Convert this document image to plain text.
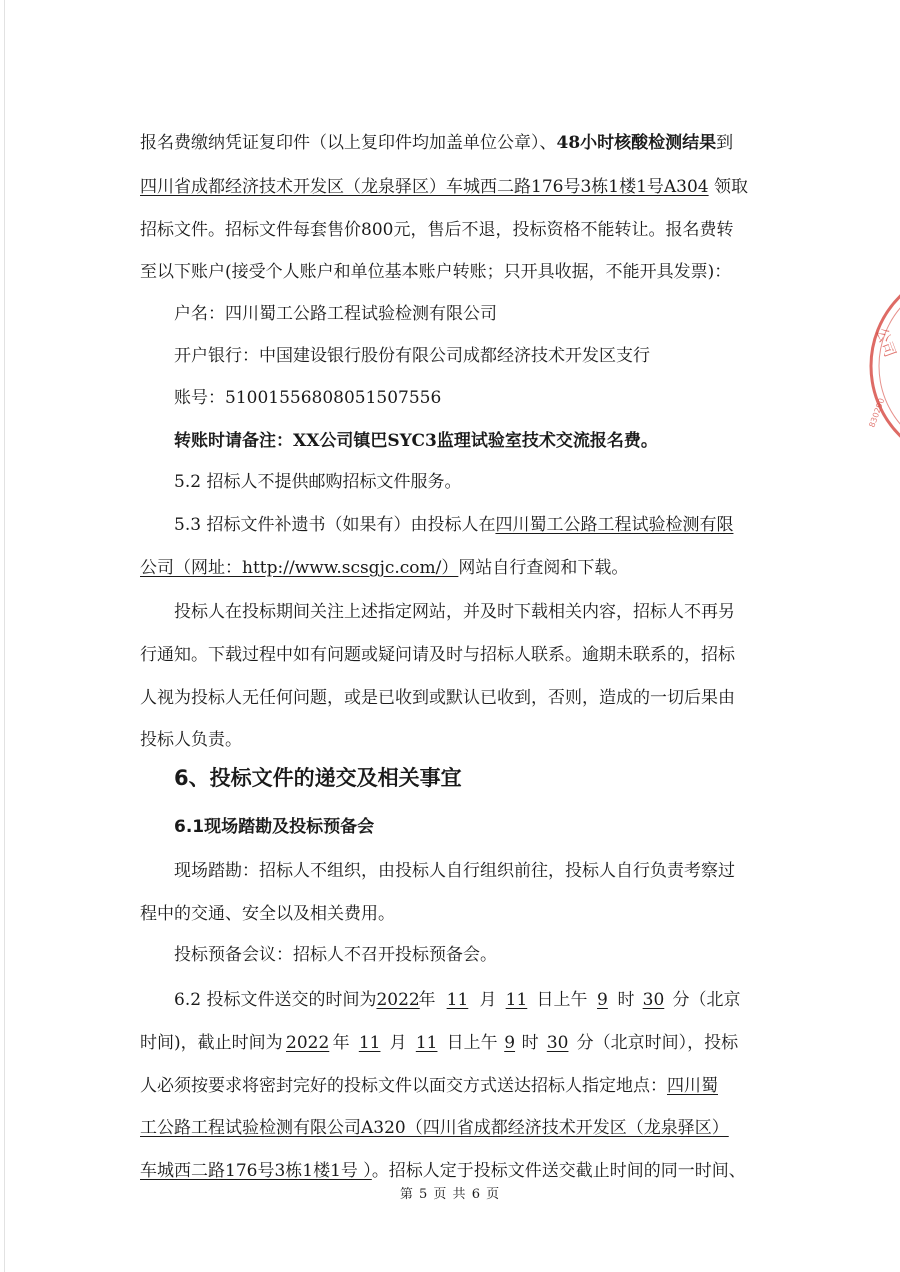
报名费缴纳凭证复印件（以上复印件均加盖单位公章）、48小时核酸检测结果到
四川省成都经济技术开发区（龙泉驿区）车城西二路176号3栋1楼1号A304 领取
招标文件。招标文件每套售价800元，售后不退，投标资格不能转让。报名费转
至以下账户(接受个人账户和单位基本账户转账；只开具收据，不能开具发票)：
户名：四川蜀工公路工程试验检测有限公司
开户银行：中国建设银行股份有限公司成都经济技术开发区支行
账号：51001556808051507556
转账时请备注：XX公司镇巴SYC3监理试验室技术交流报名费。
5.2 招标人不提供邮购招标文件服务。
5.3 招标文件补遗书（如果有）由投标人在四川蜀工公路工程试验检测有限
公司（网址：http://www.scsgjc.com/）网站自行查阅和下载。
投标人在投标期间关注上述指定网站，并及时下载相关内容，招标人不再另
行通知。下载过程中如有问题或疑问请及时与招标人联系。逾期未联系的，招标
人视为投标人无任何问题，或是已收到或默认已收到，否则，造成的一切后果由
投标人负责。
6、投标文件的递交及相关事宜
6.1现场踏勘及投标预备会
现场踏勘：招标人不组织，由投标人自行组织前往，投标人自行负责考察过
程中的交通、安全以及相关费用。
投标预备会议：招标人不召开投标预备会。
6.2 投标文件送交的时间为2022年 11 月 11 日上午 9 时 30 分（北京
时间)，截止时间为 2022 年 11 月 11 日上午 9 时 30 分（北京时间），投标
人必须按要求将密封完好的投标文件以面交方式送达招标人指定地点：四川蜀
工公路工程试验检测有限公司A320（四川省成都经济技术开发区（龙泉驿区）
车城西二路176号3栋1楼1号 ）。招标人定于投标文件送交截止时间的同一时间、
第 5 页 共 6 页
公司
830290
